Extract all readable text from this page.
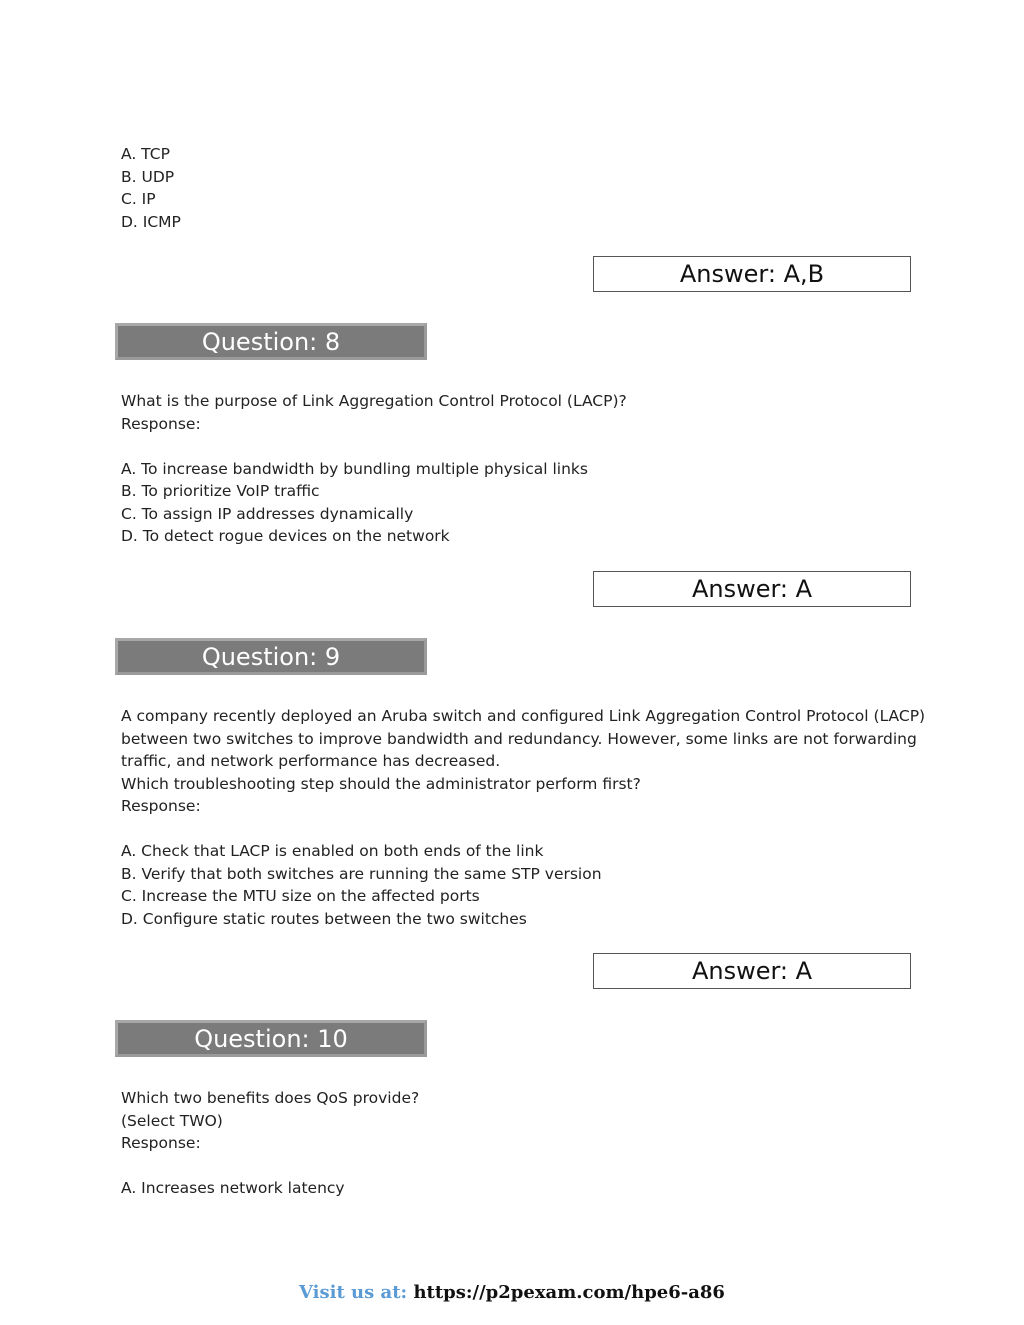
A. TCP
B. UDP
C. IP
D. ICMP
Answer: A,B
Question: 8
What is the purpose of Link Aggregation Control Protocol (LACP)?
Response:
A. To increase bandwidth by bundling multiple physical links
B. To prioritize VoIP traffic
C. To assign IP addresses dynamically
D. To detect rogue devices on the network
Answer: A
Question: 9
A company recently deployed an Aruba switch and configured Link Aggregation Control Protocol (LACP)
between two switches to improve bandwidth and redundancy. However, some links are not forwarding
traffic, and network performance has decreased.
Which troubleshooting step should the administrator perform first?
Response:
A. Check that LACP is enabled on both ends of the link
B. Verify that both switches are running the same STP version
C. Increase the MTU size on the affected ports
D. Configure static routes between the two switches
Answer: A
Question: 10
Which two benefits does QoS provide?
(Select TWO)
Response:
A. Increases network latency
Visit us at: https://p2pexam.com/hpe6-a86
